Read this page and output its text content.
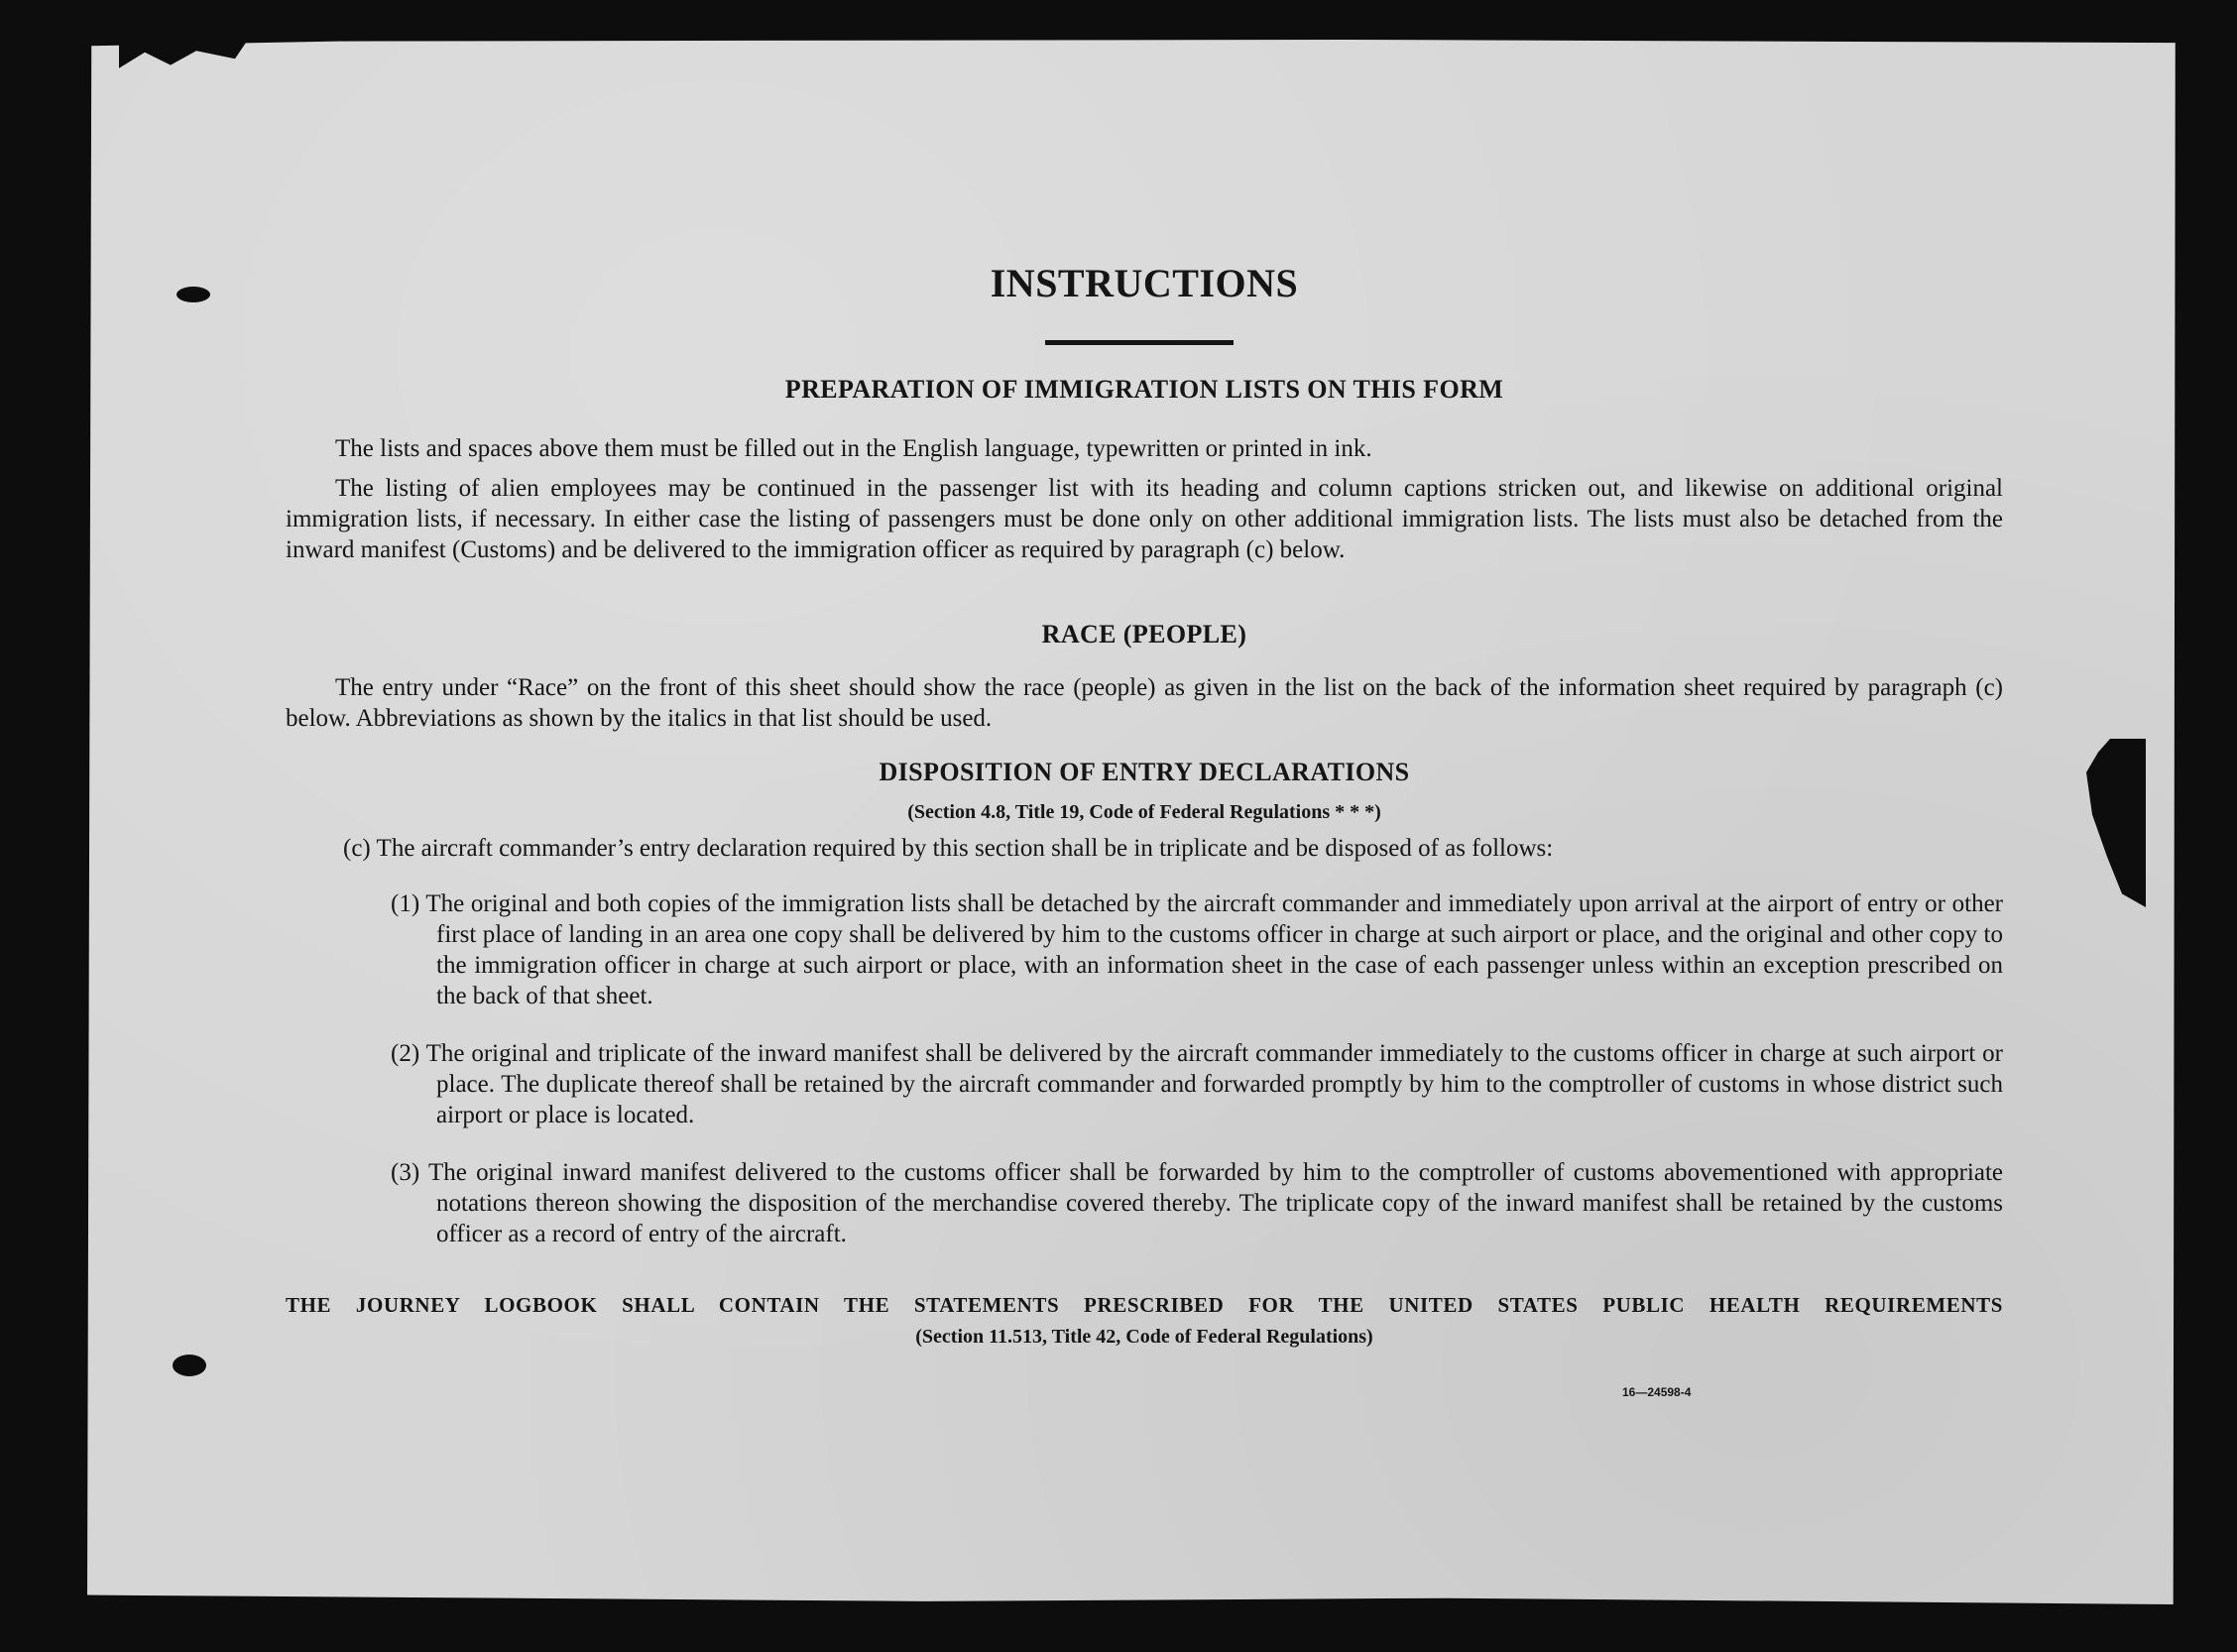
INSTRUCTIONS
PREPARATION OF IMMIGRATION LISTS ON THIS FORM
The lists and spaces above them must be filled out in the English language, typewritten or printed in ink.
The listing of alien employees may be continued in the passenger list with its heading and column captions stricken out, and likewise on additional original immigration lists, if necessary. In either case the listing of passengers must be done only on other additional immigration lists. The lists must also be detached from the inward manifest (Customs) and be delivered to the immigration officer as required by paragraph (c) below.
RACE (PEOPLE)
The entry under “Race” on the front of this sheet should show the race (people) as given in the list on the back of the information sheet required by paragraph (c) below. Abbreviations as shown by the italics in that list should be used.
DISPOSITION OF ENTRY DECLARATIONS
(Section 4.8, Title 19, Code of Federal Regulations * * *)
(c) The aircraft commander’s entry declaration required by this section shall be in triplicate and be disposed of as follows:
(1) The original and both copies of the immigration lists shall be detached by the aircraft commander and immediately upon arrival at the airport of entry or other first place of landing in an area one copy shall be delivered by him to the customs officer in charge at such airport or place, and the original and other copy to the immigration officer in charge at such airport or place, with an information sheet in the case of each passenger unless within an exception prescribed on the back of that sheet.
(2) The original and triplicate of the inward manifest shall be delivered by the aircraft commander immediately to the customs officer in charge at such airport or place. The duplicate thereof shall be retained by the aircraft commander and forwarded promptly by him to the comptroller of customs in whose district such airport or place is located.
(3) The original inward manifest delivered to the customs officer shall be forwarded by him to the comptroller of customs abovementioned with appropriate notations thereon showing the disposition of the merchandise covered thereby. The triplicate copy of the inward manifest shall be retained by the customs officer as a record of entry of the aircraft.
THE JOURNEY LOGBOOK SHALL CONTAIN THE STATEMENTS PRESCRIBED FOR THE UNITED STATES PUBLIC HEALTH REQUIREMENTS
(Section 11.513, Title 42, Code of Federal Regulations)
16—24598-4
